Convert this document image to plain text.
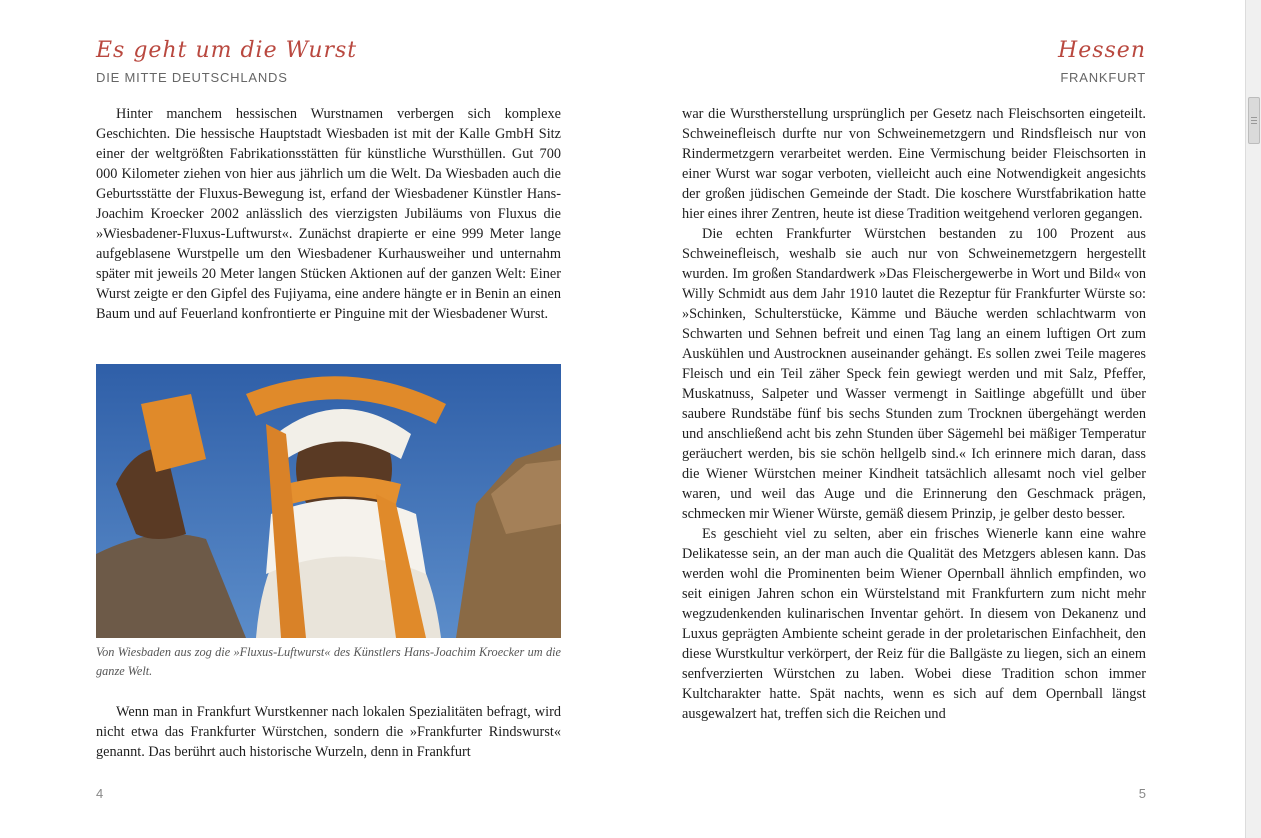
Es geht um die Wurst
DIE MITTE DEUTSCHLANDS

Hinter manchem hessischen Wurstnamen verbergen sich komplexe Geschichten. Die hessische Hauptstadt Wiesbaden ist mit der Kalle GmbH Sitz einer der weltgrößten Fabrikationsstätten für künstliche Wursthüllen. Gut 700 000 Kilometer ziehen von hier aus jährlich um die Welt. Da Wiesbaden auch die Geburtsstätte der Fluxus-Bewegung ist, erfand der Wiesbadener Künstler Hans-Joachim Kroecker 2002 anlässlich des vierzigsten Jubiläums von Fluxus die »Wiesbadener-Fluxus-Luftwurst«. Zunächst drapierte er eine 999 Meter lange aufgeblasene Wurstpelle um den Wiesbadener Kurhausweiher und unternahm später mit jeweils 20 Meter langen Stücken Aktionen auf der ganzen Welt: Einer Wurst zeigte er den Gipfel des Fujiyama, eine andere hängte er in Benin an einen Baum und auf Feuerland konfrontierte er Pinguine mit der Wiesbadener Wurst.

Von Wiesbaden aus zog die »Fluxus-Luftwurst« des Künstlers Hans-Joachim Kroecker um die ganze Welt.

Wenn man in Frankfurt Wurstkenner nach lokalen Spezialitäten befragt, wird nicht etwa das Frankfurter Würstchen, sondern die »Frankfurter Rindswurst« genannt. Das berührt auch historische Wurzeln, denn in Frankfurt

4
Hessen
FRANKFURT

war die Wurstherstellung ursprünglich per Gesetz nach Fleischsorten eingeteilt. Schweinefleisch durfte nur von Schweinemetzgern und Rindsfleisch nur von Rindermetzgern verarbeitet werden. Eine Vermischung beider Fleischsorten in einer Wurst war sogar verboten, vielleicht auch eine Notwendigkeit angesichts der großen jüdischen Gemeinde der Stadt. Die koschere Wurstfabrikation hatte hier eines ihrer Zentren, heute ist diese Tradition weitgehend verloren gegangen.

Die echten Frankfurter Würstchen bestanden zu 100 Prozent aus Schweinefleisch, weshalb sie auch nur von Schweinemetzgern hergestellt wurden. Im großen Standardwerk »Das Fleischergewerbe in Wort und Bild« von Willy Schmidt aus dem Jahr 1910 lautet die Rezeptur für Frankfurter Würste so: »Schinken, Schulterstücke, Kämme und Bäuche werden schlachtwarm von Schwarten und Sehnen befreit und einen Tag lang an einem luftigen Ort zum Auskühlen und Austrocknen auseinander gehängt. Es sollen zwei Teile mageres Fleisch und ein Teil zäher Speck fein gewiegt werden und mit Salz, Pfeffer, Muskatnuss, Salpeter und Wasser vermengt in Saitlinge abgefüllt und über saubere Rundstäbe fünf bis sechs Stunden zum Trocknen übergehängt werden und anschließend acht bis zehn Stunden über Sägemehl bei mäßiger Temperatur geräuchert werden, bis sie schön hellgelb sind.« Ich erinnere mich daran, dass die Wiener Würstchen meiner Kindheit tatsächlich allesamt noch viel gelber waren, und weil das Auge und die Erinnerung den Geschmack prägen, schmecken mir Wiener Würste, gemäß diesem Prinzip, je gelber desto besser.

Es geschieht viel zu selten, aber ein frisches Wienerle kann eine wahre Delikatesse sein, an der man auch die Qualität des Metzgers ablesen kann. Das werden wohl die Prominenten beim Wiener Opernball ähnlich empfinden, wo seit einigen Jahren schon ein Würstelstand mit Frankfurtern zum nicht mehr wegzudenkenden kulinarischen Inventar gehört. In diesem von Dekanenz und Luxus geprägten Ambiente scheint gerade in der proletarischen Einfachheit, den diese Wurstkultur verkörpert, der Reiz für die Ballgäste zu liegen, sich an einem senfverzierten Würstchen zu laben. Wobei diese Tradition schon immer Kultcharakter hatte. Spät nachts, wenn es sich auf dem Opernball längst ausgewalzert hat, treffen sich die Reichen und

5
